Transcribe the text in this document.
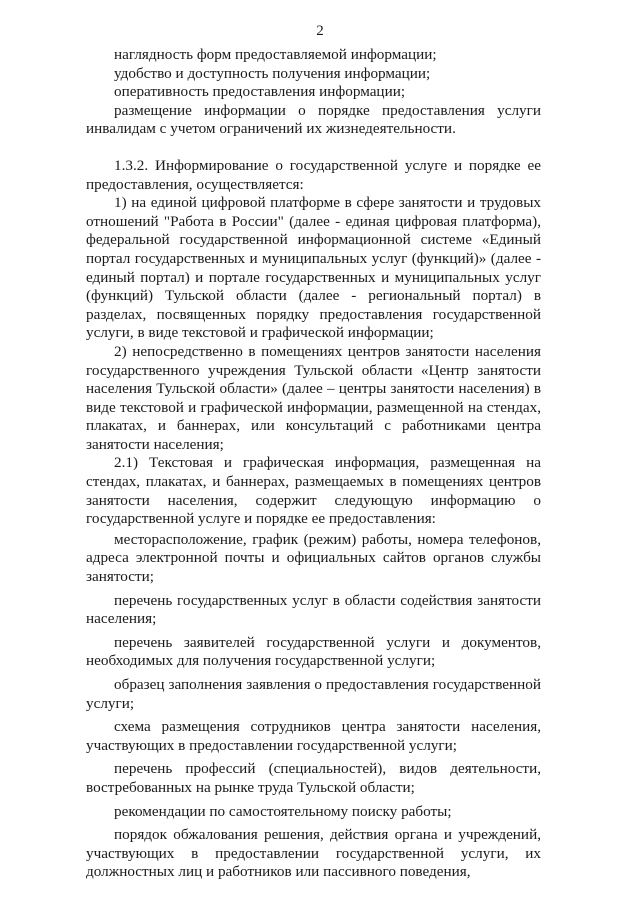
2

наглядность форм предоставляемой информации;

удобство и доступность получения информации;

оперативность предоставления информации;

размещение информации о порядке предоставления услуги инвалидам с учетом ограничений их жизнедеятельности.

1.3.2. Информирование о государственной услуге и порядке ее предоставления, осуществляется:

1) на единой цифровой платформе в сфере занятости и трудовых отношений "Работа в России" (далее - единая цифровая платформа), федеральной государственной информационной системе «Единый портал государственных и муниципальных услуг (функций)» (далее - единый портал) и портале государственных и муниципальных услуг (функций) Тульской области (далее - региональный портал) в разделах, посвященных порядку предоставления государственной услуги, в виде текстовой и графической информации;

2) непосредственно в помещениях центров занятости населения государственного учреждения Тульской области «Центр занятости населения Тульской области» (далее – центры занятости населения) в виде текстовой и графической информации, размещенной на стендах, плакатах, и баннерах, или консультаций с работниками центра занятости населения;

2.1) Текстовая и графическая информация, размещенная на стендах, плакатах, и баннерах, размещаемых в помещениях центров занятости населения, содержит следующую информацию о государственной услуге и порядке ее предоставления:

месторасположение, график (режим) работы, номера телефонов, адреса электронной почты и официальных сайтов органов службы занятости;

перечень государственных услуг в области содействия занятости населения;

перечень заявителей государственной услуги и документов, необходимых для получения государственной услуги;

образец заполнения заявления о предоставления государственной услуги;

схема размещения сотрудников центра занятости населения, участвующих в предоставлении государственной услуги;

перечень профессий (специальностей), видов деятельности, востребованных на рынке труда Тульской области;

рекомендации по самостоятельному поиску работы;

порядок обжалования решения, действия органа и учреждений, участвующих в предоставлении государственной услуги, их должностных лиц и работников или пассивного поведения,
